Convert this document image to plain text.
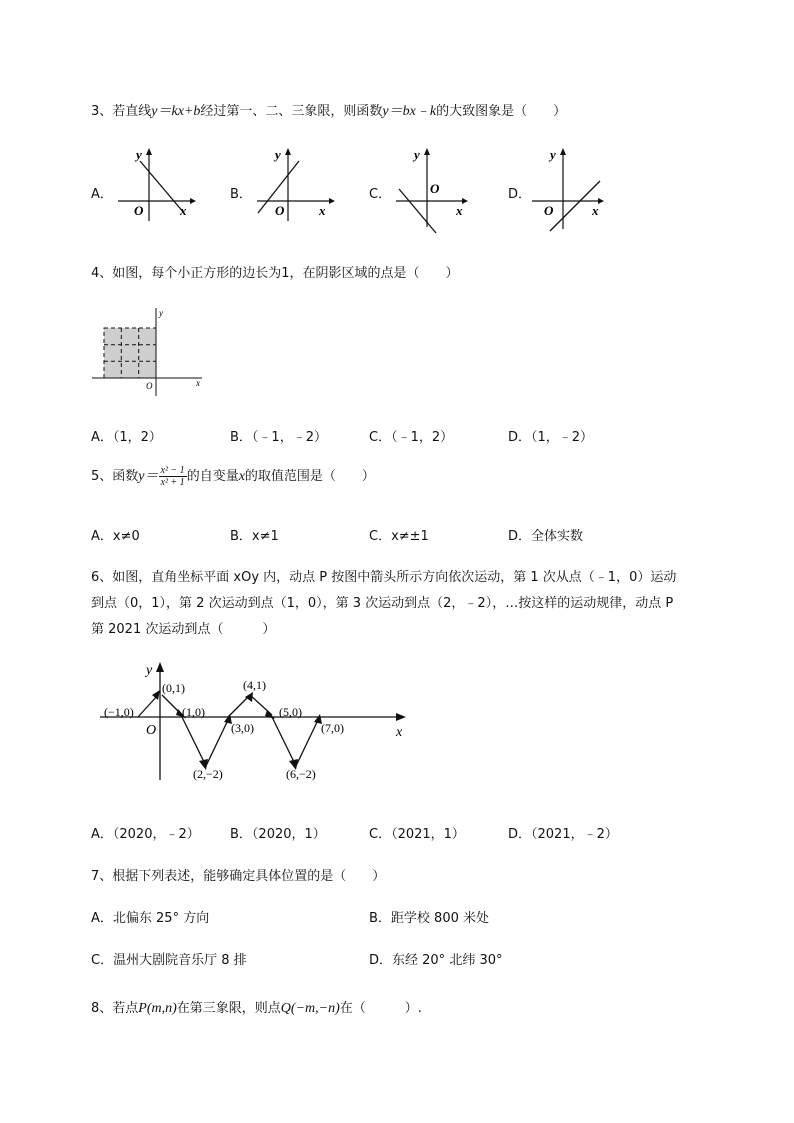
3、若直线y＝kx+b经过第一、二、三象限，则函数y＝bx﹣k的大致图象是（　　）
A．
y
O	x
B．
y
O	x
C．
y
O
x
D．
y
O	x
4、如图，每个小正方形的边长为1，在阴影区域的点是（　　）
y
O	x
A．（1，2）	B．（﹣1，﹣2）	C．（﹣1，2）	D．（1，﹣2）
5、函数$y= \frac{\text{x² − 1}}{\text{x² + 1}}$ 的自变量x的取值范围是（　　）
A．x≠0	B．x≠1	C．x≠±1	D．全体实数
6、如图，直角坐标平面 xOy 内，动点 P 按图中箭头所示方向依次运动，第 1 次从点（﹣1，0）运动
到点（0，1），第 2 次运动到点（1，0），第 3 次运动到点（2，﹣2），…按这样的运动规律，动点 P
第 2021 次运动到点（　　　）
y
x
O
(−1,0)
(0,1)
(1,0)
(2,−2)
(3,0)
(4,1)
(5,0)
(6,−2)
(7,0)
A．（2020，﹣2） B．（2020，1）	C．（2021，1）	D．（2021，﹣2）
7、根据下列表述，能够确定具体位置的是（　　）
A．北偏东 25° 方向	B．距学校 800 米处
C．温州大剧院音乐厅 8 排	D．东经 20° 北纬 30°
8、若点P(m,n)在第三象限，则点Q(−m,−n)在（　　　）.
